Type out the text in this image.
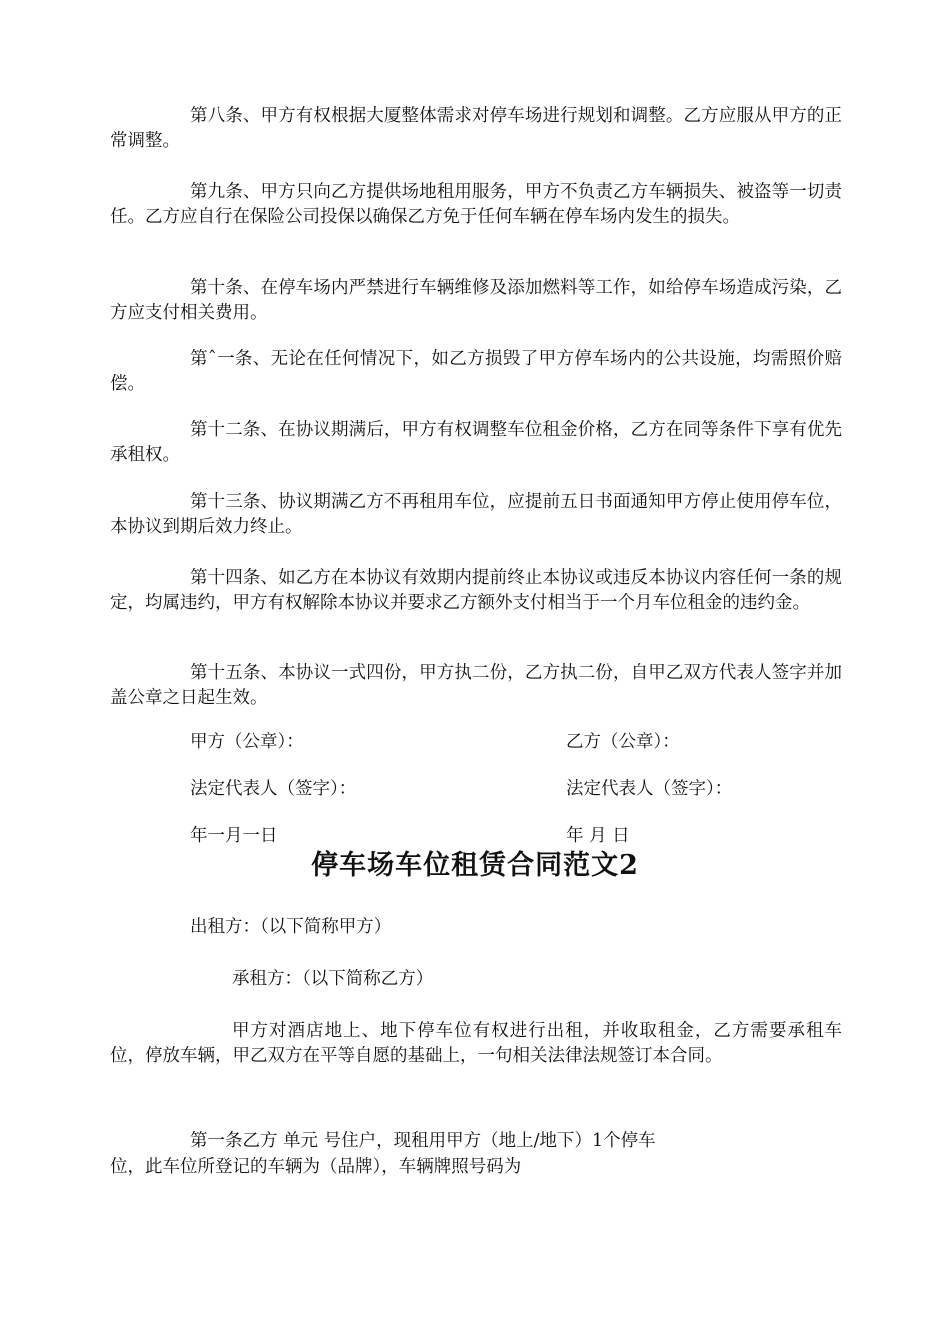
第八条、甲方有权根据大厦整体需求对停车场进行规划和调整。乙方应服从甲方的正常调整。

第九条、甲方只向乙方提供场地租用服务，甲方不负责乙方车辆损失、被盗等一切责任。乙方应自行在保险公司投保以确保乙方免于任何车辆在停车场内发生的损失。

第十条、在停车场内严禁进行车辆维修及添加燃料等工作，如给停车场造成污染，乙方应支付相关费用。

第ˆ一条、无论在任何情况下，如乙方损毁了甲方停车场内的公共设施，均需照价赔偿。

第十二条、在协议期满后，甲方有权调整车位租金价格，乙方在同等条件下享有优先承租权。

第十三条、协议期满乙方不再租用车位，应提前五日书面通知甲方停止使用停车位，本协议到期后效力终止。

第十四条、如乙方在本协议有效期内提前终止本协议或违反本协议内容任何一条的规定，均属违约，甲方有权解除本协议并要求乙方额外支付相当于一个月车位租金的违约金。

第十五条、本协议一式四份，甲方执二份，乙方执二份，自甲乙双方代表人签字并加盖公章之日起生效。

甲方（公章）：	乙方（公章）：

法定代表人（签字）：	法定代表人（签字）：

年一月一日	年 月 日

停车场车位租赁合同范文2

出租方：（以下简称甲方）

承租方：（以下简称乙方）

甲方对酒店地上、地下停车位有权进行出租，并收取租金，乙方需要承租车位，停放车辆，甲乙双方在平等自愿的基础上，一句相关法律法规签订本合同。

第一条乙方 单元 号住户，现租用甲方（地上/地下）1个停车

位，此车位所登记的车辆为（品牌），车辆牌照号码为
